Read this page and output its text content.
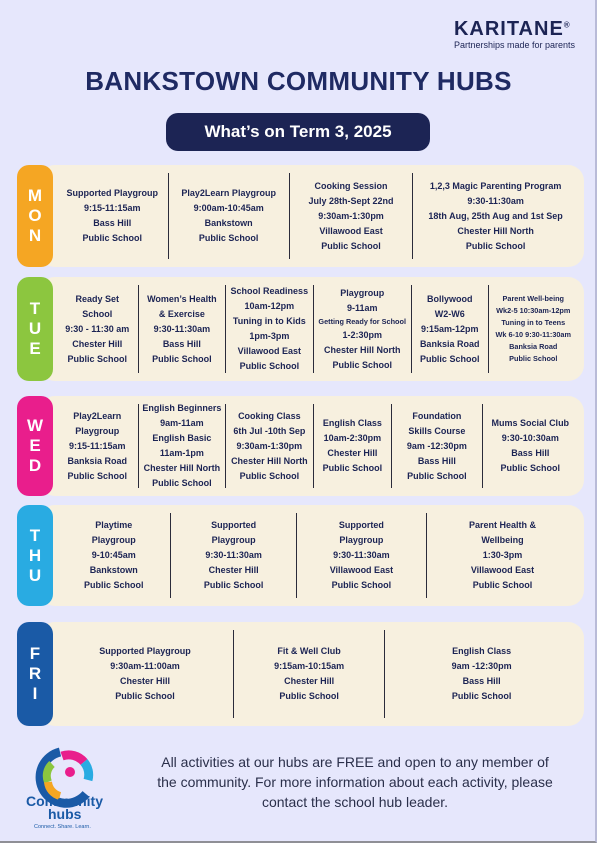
KARITANE®
Partnerships made for parents
BANKSTOWN COMMUNITY HUBS
What’s on Term 3, 2025
M
O
N
Supported Playgroup
9:15-11:15am
Bass Hill
Public School
Play2Learn Playgroup
9:00am-10:45am
Bankstown
Public School
Cooking Session
July 28th-Sept 22nd
9:30am-1:30pm
Villawood East
Public School
1,2,3 Magic Parenting Program
9:30-11:30am
18th Aug, 25th Aug and 1st Sep
Chester Hill North
Public School
T
U
E
Ready Set
School
9:30 - 11:30 am
Chester Hill
Public School
Women’s Health
& Exercise
9:30-11:30am
Bass Hill
Public School
School Readiness
10am-12pm
Tuning in to Kids
1pm-3pm
Villawood East
Public School
Playgroup
9-11am
Getting Ready for School
1-2:30pm
Chester Hill North
Public School
Bollywood
W2-W6
9:15am-12pm
Banksia Road
Public School
Parent Well-being
Wk2-5 10:30am-12pm
Tuning in to Teens
Wk 6-10 9:30-11:30am
Banksia Road
Public School
W
E
D
Play2Learn
Playgroup
9:15-11:15am
Banksia Road
Public School
English Beginners
9am-11am
English Basic
11am-1pm
Chester Hill North
Public School
Cooking Class
6th Jul -10th Sep
9:30am-1:30pm
Chester Hill North
Public School
English Class
10am-2:30pm
Chester Hill
Public School
Foundation
Skills Course
9am -12:30pm
Bass Hill
Public School
Mums Social Club
9:30-10:30am
Bass Hill
Public School
T
H
U
Playtime
Playgroup
9-10:45am
Bankstown
Public School
Supported
Playgroup
9:30-11:30am
Chester Hill
Public School
Supported
Playgroup
9:30-11:30am
Villawood East
Public School
Parent Health &
Wellbeing
1:30-3pm
Villawood East
Public School
F
R
I
Supported Playgroup
9:30am-11:00am
Chester Hill
Public School
Fit & Well Club
9:15am-10:15am
Chester Hill
Public School
English Class
9am -12:30pm
Bass Hill
Public School
Community
hubs
Connect. Share. Learn.
All activities at our hubs are FREE and open to any member of the community. For more information about each activity, please contact the school hub leader.
